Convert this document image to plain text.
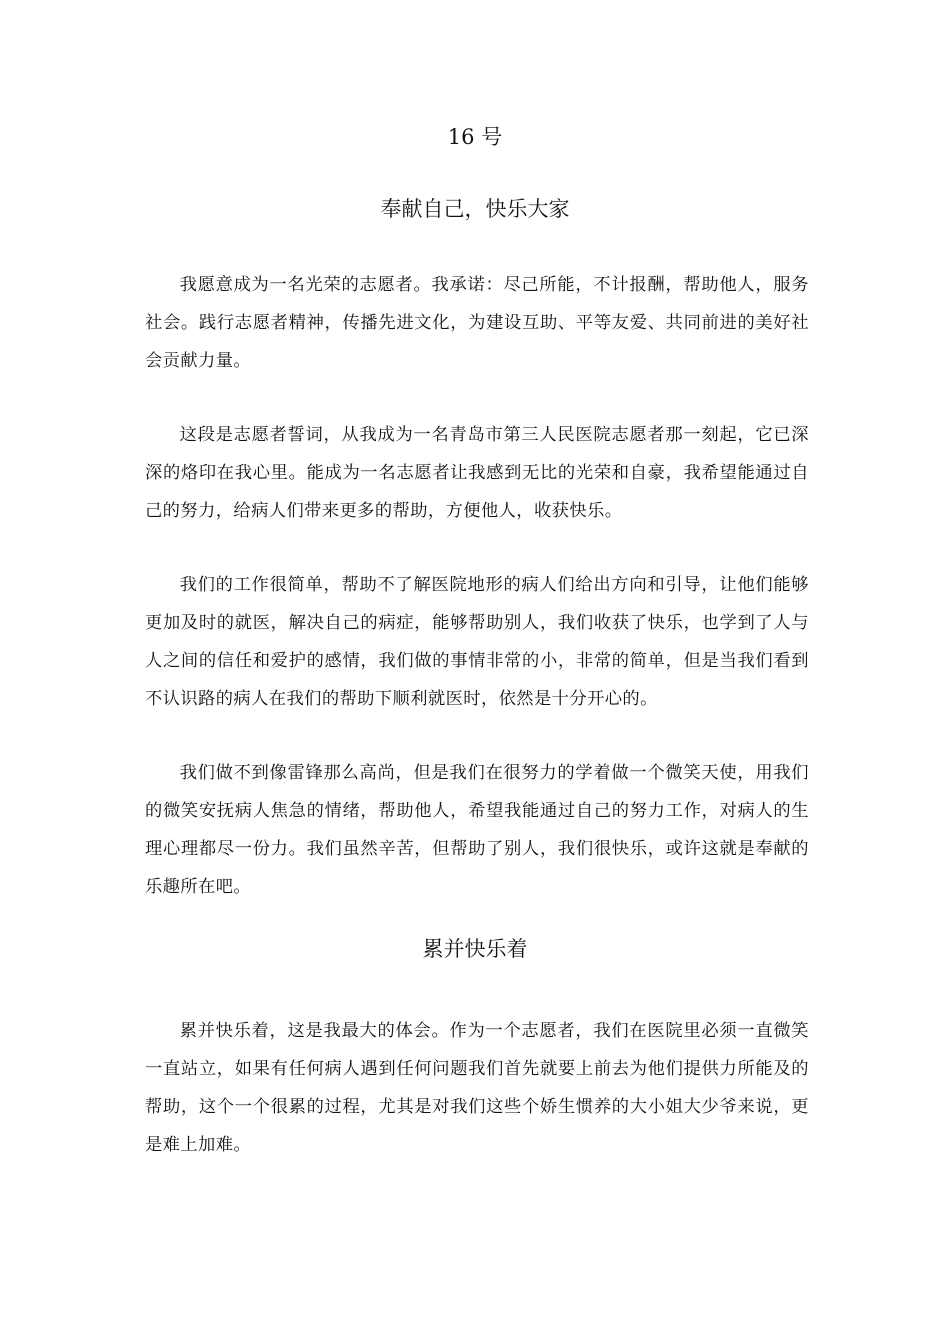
16 号
奉献自己，快乐大家

我愿意成为一名光荣的志愿者。我承诺：尽己所能，不计报酬，帮助他人，服务社会。践行志愿者精神，传播先进文化，为建设互助、平等友爱、共同前进的美好社会贡献力量。

这段是志愿者誓词，从我成为一名青岛市第三人民医院志愿者那一刻起，它已深深的烙印在我心里。能成为一名志愿者让我感到无比的光荣和自豪，我希望能通过自己的努力，给病人们带来更多的帮助，方便他人，收获快乐。

我们的工作很简单，帮助不了解医院地形的病人们给出方向和引导，让他们能够更加及时的就医，解决自己的病症，能够帮助别人，我们收获了快乐，也学到了人与人之间的信任和爱护的感情，我们做的事情非常的小，非常的简单，但是当我们看到不认识路的病人在我们的帮助下顺利就医时，依然是十分开心的。

我们做不到像雷锋那么高尚，但是我们在很努力的学着做一个微笑天使，用我们的微笑安抚病人焦急的情绪，帮助他人，希望我能通过自己的努力工作，对病人的生理心理都尽一份力。我们虽然辛苦，但帮助了别人，我们很快乐，或许这就是奉献的乐趣所在吧。

累并快乐着

累并快乐着，这是我最大的体会。作为一个志愿者，我们在医院里必须一直微笑一直站立，如果有任何病人遇到任何问题我们首先就要上前去为他们提供力所能及的帮助，这个一个很累的过程，尤其是对我们这些个娇生惯养的大小姐大少爷来说，更是难上加难。
